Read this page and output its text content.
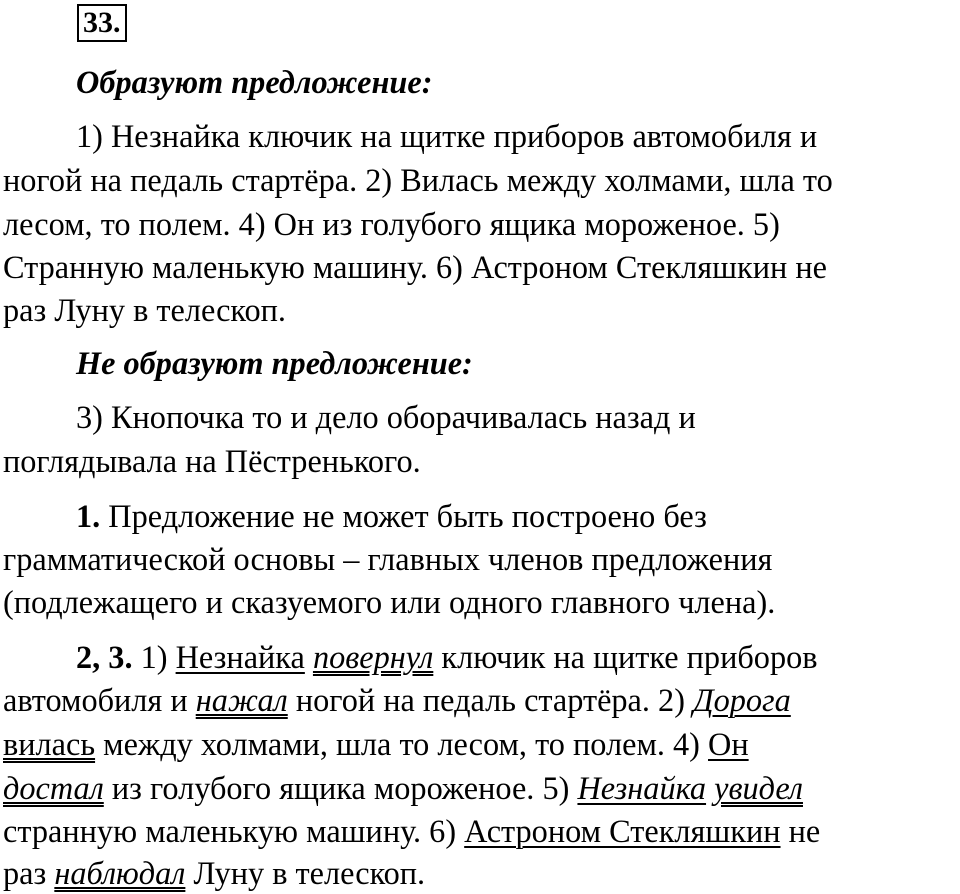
33.
Образуют предложение:
1) Незнайка ключик на щитке приборов автомобиля и
ногой на педаль стартёра. 2) Вилась между холмами, шла то
лесом, то полем. 4) Он из голубого ящика мороженое. 5)
Странную маленькую машину. 6) Астроном Стекляшкин не
раз Луну в телескоп.
Не образуют предложение:
3) Кнопочка то и дело оборачивалась назад и
поглядывала на Пёстренького.
1. Предложение не может быть построено без
грамматической основы – главных членов предложения
(подлежащего и сказуемого или одного главного члена).
2, 3. 1) Незнайка повернул ключик на щитке приборов
автомобиля и нажал ногой на педаль стартёра. 2) Дорога
вилась между холмами, шла то лесом, то полем. 4) Он
достал из голубого ящика мороженое. 5) Незнайка увидел
странную маленькую машину. 6) Астроном Стекляшкин не
раз наблюдал Луну в телескоп.
